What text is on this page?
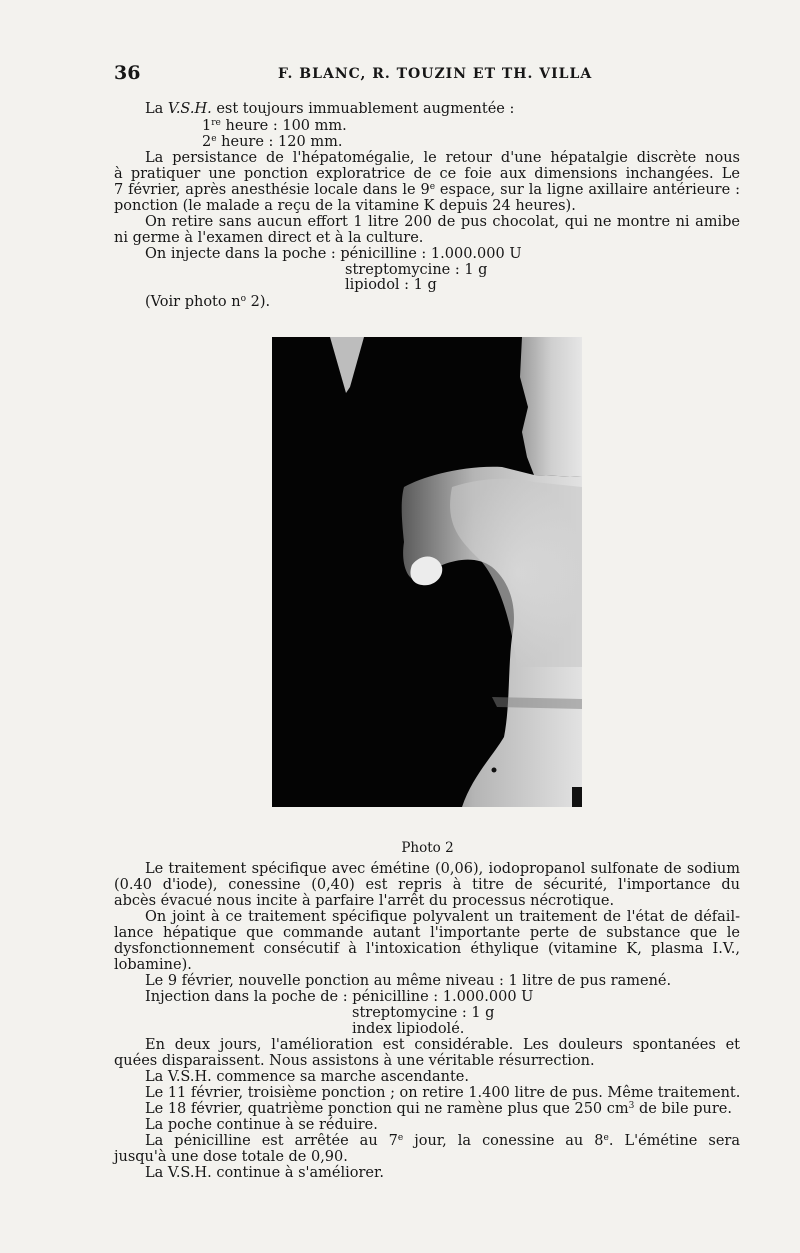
36	F. BLANC, R. TOUZIN ET TH. VILLA

La V.S.H. est toujours immuablement augmentée :

1re heure : 100 mm.

2e heure : 120 mm.

La persistance de l'hépatomégalie, le retour d'une hépatalgie discrète nous

à pratiquer une ponction exploratrice de ce foie aux dimensions inchangées. Le

7 février, après anesthésie locale dans le 9e espace, sur la ligne axillaire antérieure :

ponction (le malade a reçu de la vitamine K depuis 24 heures).

On retire sans aucun effort 1 litre 200 de pus chocolat, qui ne montre ni amibe

ni germe à l'examen direct et à la culture.

On injecte dans la poche : pénicilline : 1.000.000 U

streptomycine : 1 g

lipiodol : 1 g

(Voir photo $n^o$ 2).

Photo 2

Le traitement spécifique avec émétine (0,06), iodopropanol sulfonate de sodium

(0.40 d'iode), conessine (0,40) est repris à titre de sécurité, l'importance du

abcès évacué nous incite à parfaire l'arrêt du processus nécrotique.

On joint à ce traitement spécifique polyvalent un traitement de l'état de défail-

lance hépatique que commande autant l'importante perte de substance que le

dysfonctionnement consécutif à l'intoxication éthylique (vitamine K, plasma I.V.,

lobamine).

Le 9 février, nouvelle ponction au même niveau : 1 litre de pus ramené.

Injection dans la poche de : pénicilline : 1.000.000 U

streptomycine : 1 g

index lipiodolé.

En deux jours, l'amélioration est considérable. Les douleurs spontanées et

quées disparaissent. Nous assistons à une véritable résurrection.

La V.S.H. commence sa marche ascendante.

Le 11 février, troisième ponction ; on retire 1.400 litre de pus. Même traitement.

Le 18 février, quatrième ponction qui ne ramène plus que 250 $cm^3$ de bile pure.

La poche continue à se réduire.

La pénicilline est arrêtée au 7e jour, la conessine au 8e. L'émétine sera

jusqu'à une dose totale de 0,90.

La V.S.H. continue à s'améliorer.
